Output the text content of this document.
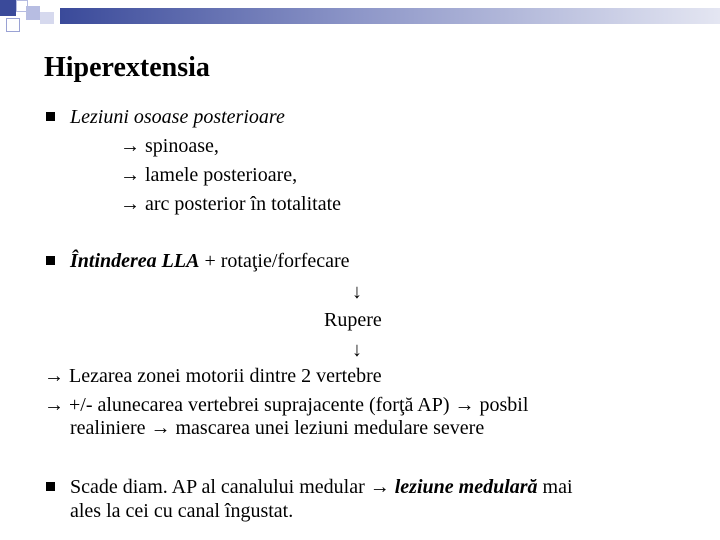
Hiperextensia
Leziuni osoase posterioare
→ spinoase,
→ lamele posterioare,
→ arc posterior în totalitate
Întinderea LLA + rotaţie/forfecare
↓
Rupere
↓
→ Lezarea zonei motorii dintre 2 vertebre
→ +/- alunecarea vertebrei suprajacente (forţă AP) → posbil
realiniere → mascarea unei leziuni medulare severe
Scade diam. AP al canalului medular → leziune medulară mai
ales la cei cu canal îngustat.
